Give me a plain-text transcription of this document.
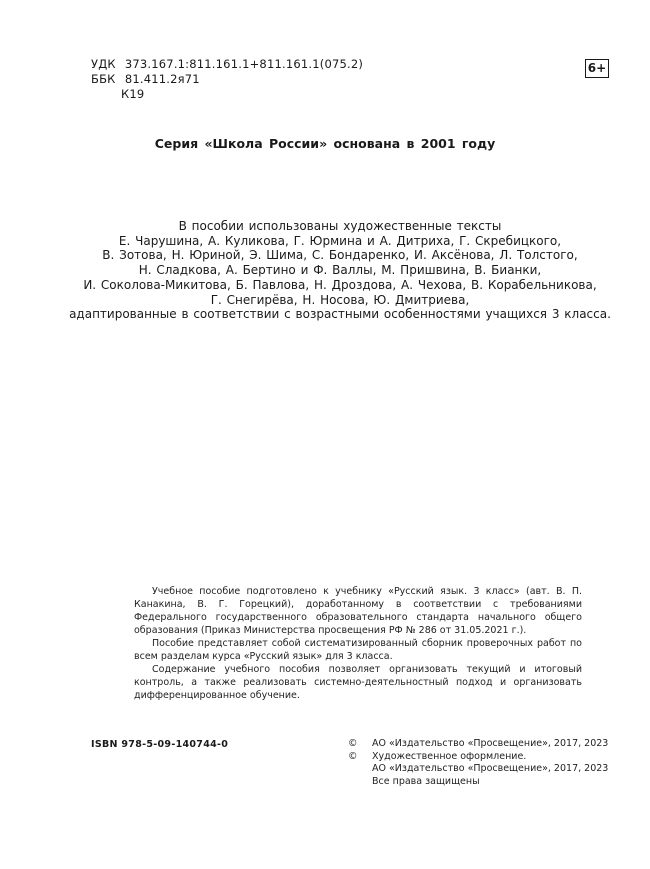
УДК 373.167.1:811.161.1+811.161.1(075.2)
ББК 81.411.2я71
К19
6+
Серия «Школа России» основана в 2001 году
В пособии использованы художественные тексты
Е. Чарушина, А. Куликова, Г. Юрмина и А. Дитриха, Г. Скребицкого,
В. Зотова, Н. Юриной, Э. Шима, С. Бондаренко, И. Аксёнова, Л. Толстого,
Н. Сладкова, А. Бертино и Ф. Валлы, М. Пришвина, В. Бианки,
И. Соколова-Микитова, Б. Павлова, Н. Дроздова, А. Чехова, В. Корабельникова,
Г. Снегирёва, Н. Носова, Ю. Дмитриева,
адаптированные в соответствии с возрастными особенностями учащихся 3 класса.

Учебное пособие подготовлено к учебнику «Русский язык. 3 класс» (авт. В. П. Канакина, В. Г. Горецкий), доработанному в соответствии с требованиями Федерального государственного образовательного стандарта начального общего образования (Приказ Министерства просвещения РФ № 286 от 31.05.2021 г.).

Пособие представляет собой систематизированный сборник проверочных работ по всем разделам курса «Русский язык» для 3 класса.

Содержание учебного пособия позволяет организовать текущий и итоговый контроль, а также реализовать системно-деятельностный подход и организовать дифференцированное обучение.

ISBN 978-5-09-140744-0	© АО «Издательство «Просвещение», 2017, 2023
© Художественное оформление.
АО «Издательство «Просвещение», 2017, 2023
Все права защищены
